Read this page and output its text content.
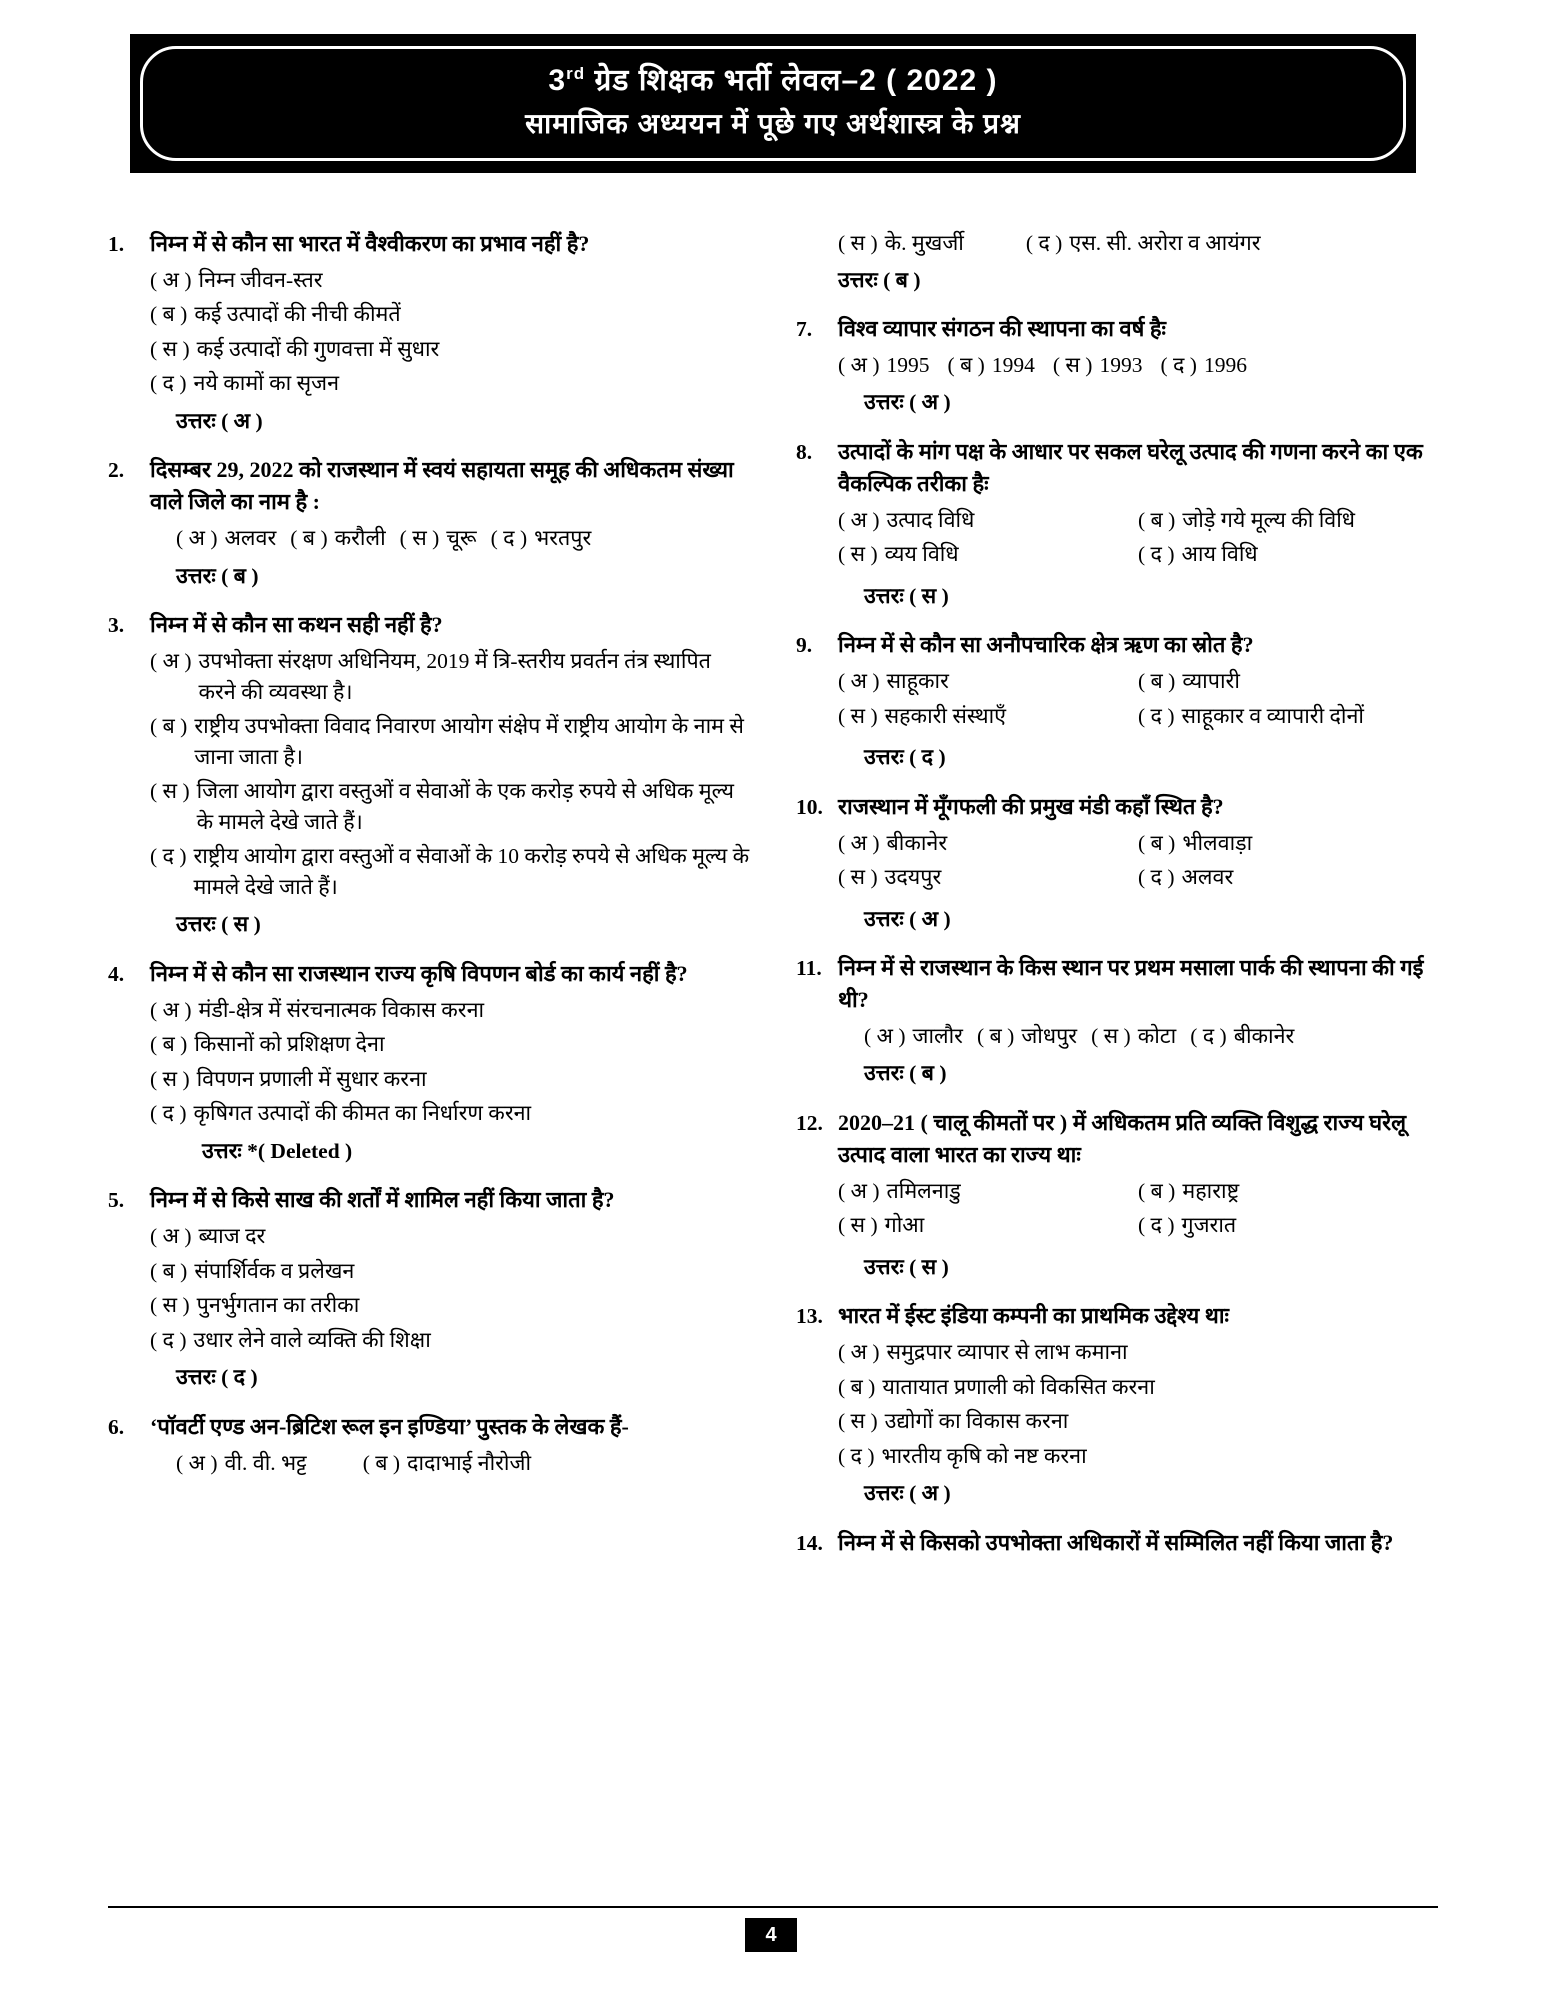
3rd ग्रेड शिक्षक भर्ती लेवल–2 ( 2022 )
सामाजिक अध्ययन में पूछे गए अर्थशास्त्र के प्रश्न
1.	निम्न में से कौन सा भारत में वैश्वीकरण का प्रभाव नहीं है?
( अ ) निम्न जीवन-स्तर
( ब ) कई उत्पादों की नीची कीमतें
( स ) कई उत्पादों की गुणवत्ता में सुधार
( द ) नये कामों का सृजन
उत्तरः ( अ )
2.	दिसम्बर 29, 2022 को राजस्थान में स्वयं सहायता समूह की अधिकतम संख्या वाले जिले का नाम है :
( अ ) अलवर ( ब ) करौली ( स ) चूरू ( द ) भरतपुर
उत्तरः ( ब )
3.	निम्न में से कौन सा कथन सही नहीं है?
( अ ) उपभोक्ता संरक्षण अधिनियम, 2019 में त्रि-स्तरीय प्रवर्तन तंत्र स्थापित करने की व्यवस्था है।
( ब ) राष्ट्रीय उपभोक्ता विवाद निवारण आयोग संक्षेप में राष्ट्रीय आयोग के नाम से जाना जाता है।
( स ) जिला आयोग द्वारा वस्तुओं व सेवाओं के एक करोड़ रुपये से अधिक मूल्य के मामले देखे जाते हैं।
( द ) राष्ट्रीय आयोग द्वारा वस्तुओं व सेवाओं के 10 करोड़ रुपये से अधिक मूल्य के मामले देखे जाते हैं।
उत्तरः ( स )
4.	निम्न में से कौन सा राजस्थान राज्य कृषि विपणन बोर्ड का कार्य नहीं है?
( अ ) मंडी-क्षेत्र में संरचनात्मक विकास करना
( ब ) किसानों को प्रशिक्षण देना
( स ) विपणन प्रणाली में सुधार करना
( द ) कृषिगत उत्पादों की कीमत का निर्धारण करना
उत्तरः *( Deleted )
5.	निम्न में से किसे साख की शर्तों में शामिल नहीं किया जाता है?
( अ ) ब्याज दर
( ब ) संपार्शिर्वक व प्रलेखन
( स ) पुनर्भुगतान का तरीका
( द ) उधार लेने वाले व्यक्ति की शिक्षा
उत्तरः ( द )
6.	‘पॉवर्टी एण्ड अन-ब्रिटिश रूल इन इण्डिया’ पुस्तक के लेखक हैं-
( अ ) वी. वी. भट्ट	( ब ) दादाभाई नौरोजी
( स ) के. मुखर्जी	( द ) एस. सी. अरोरा व आयंगर
उत्तरः ( ब )
7.	विश्व व्यापार संगठन की स्थापना का वर्ष हैः
( अ ) 1995 ( ब ) 1994 ( स ) 1993 ( द ) 1996
उत्तरः ( अ )
8.	उत्पादों के मांग पक्ष के आधार पर सकल घरेलू उत्पाद की गणना करने का एक वैकल्पिक तरीका हैः
( अ ) उत्पाद विधि	( ब ) जोड़े गये मूल्य की विधि
( स ) व्यय विधि	( द ) आय विधि
उत्तरः ( स )
9.	निम्न में से कौन सा अनौपचारिक क्षेत्र ऋण का स्रोत है?
( अ ) साहूकार	( ब ) व्यापारी
( स ) सहकारी संस्थाएँ	( द ) साहूकार व व्यापारी दोनों
उत्तरः ( द )
10. राजस्थान में मूँगफली की प्रमुख मंडी कहाँ स्थित है?
( अ ) बीकानेर	( ब ) भीलवाड़ा
( स ) उदयपुर	( द ) अलवर
उत्तरः ( अ )
11. निम्न में से राजस्थान के किस स्थान पर प्रथम मसाला पार्क की स्थापना की गई थी?
( अ ) जालौर ( ब ) जोधपुर ( स ) कोटा ( द ) बीकानेर
उत्तरः ( ब )
12. 2020–21 ( चालू कीमतों पर ) में अधिकतम प्रति व्यक्ति विशुद्ध राज्य घरेलू उत्पाद वाला भारत का राज्य थाः
( अ ) तमिलनाडु	( ब ) महाराष्ट्र
( स ) गोआ	( द ) गुजरात
उत्तरः ( स )
13. भारत में ईस्ट इंडिया कम्पनी का प्राथमिक उद्देश्य थाः
( अ ) समुद्रपार व्यापार से लाभ कमाना
( ब ) यातायात प्रणाली को विकसित करना
( स ) उद्योगों का विकास करना
( द ) भारतीय कृषि को नष्ट करना
उत्तरः ( अ )
14. निम्न में से किसको उपभोक्ता अधिकारों में सम्मिलित नहीं किया जाता है?
4
